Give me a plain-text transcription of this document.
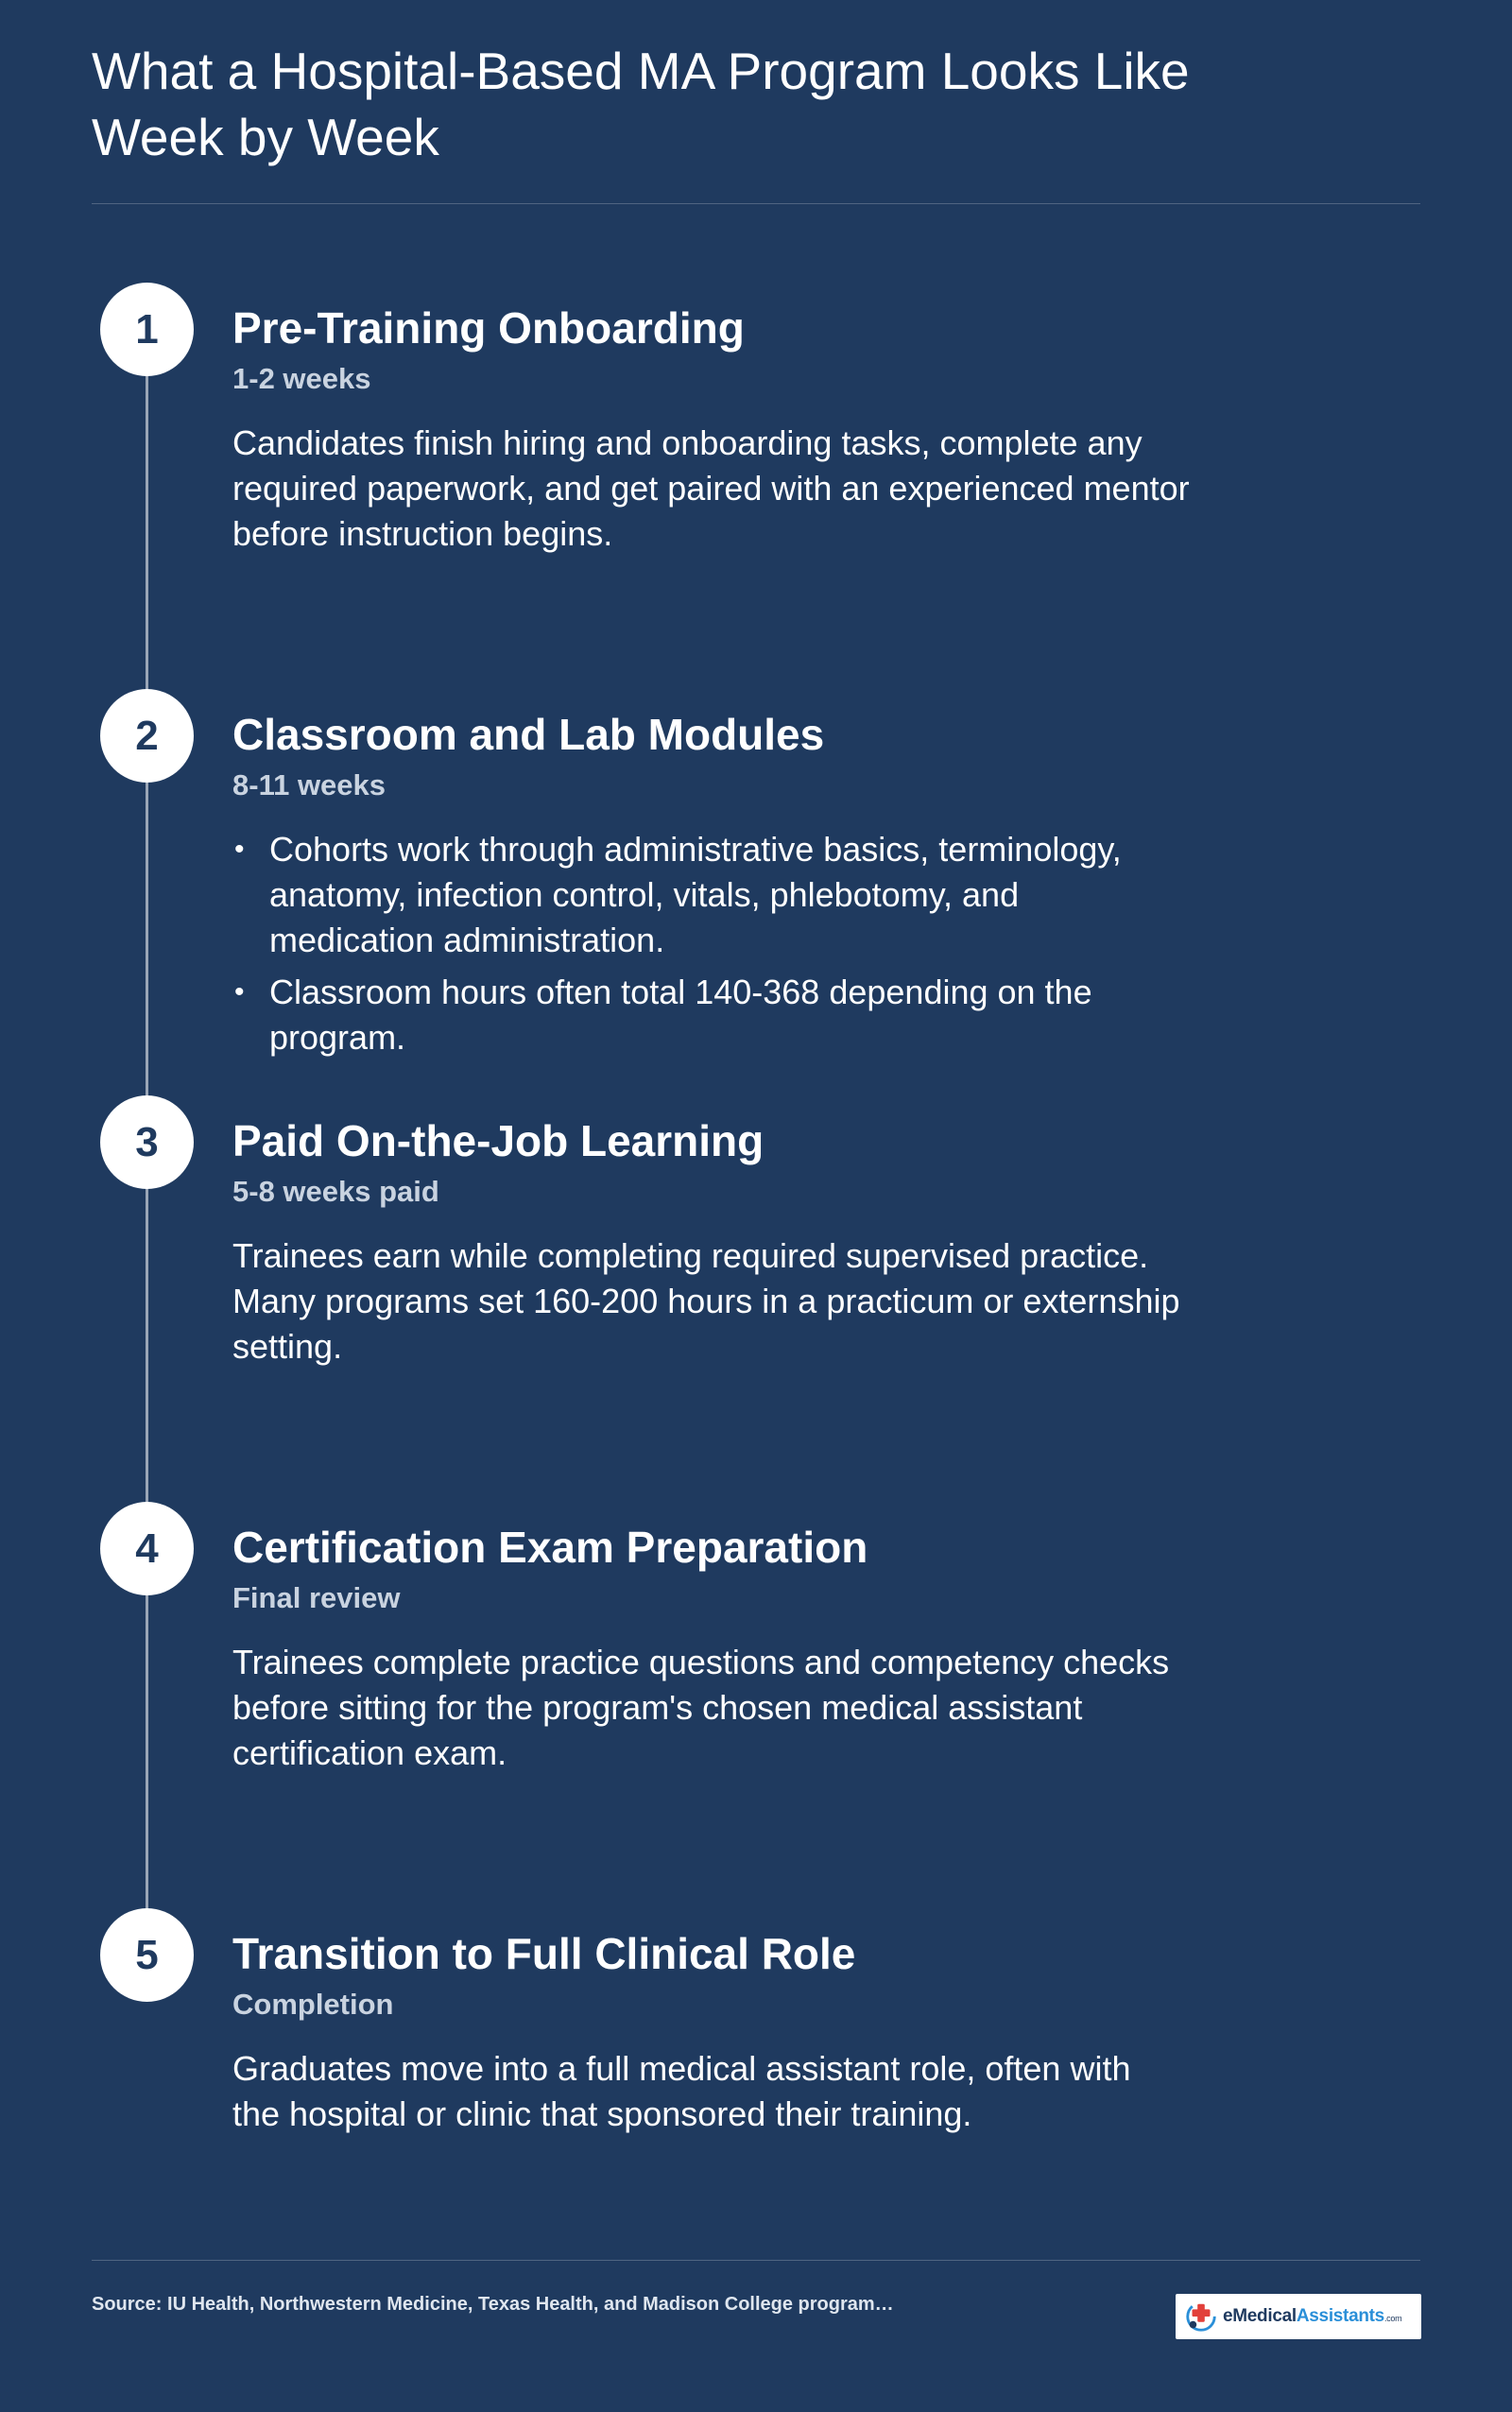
What a Hospital-Based MA Program Looks Like Week by Week
1	Pre-Training Onboarding
1-2 weeks
Candidates finish hiring and onboarding tasks, complete any required paperwork, and get paired with an experienced mentor before instruction begins.
2	Classroom and Lab Modules
8-11 weeks
• Cohorts work through administrative basics, terminology, anatomy, infection control, vitals, phlebotomy, and medication administration.
• Classroom hours often total 140-368 depending on the program.
3	Paid On-the-Job Learning
5-8 weeks paid
Trainees earn while completing required supervised practice. Many programs set 160-200 hours in a practicum or externship setting.
4	Certification Exam Preparation
Final review
Trainees complete practice questions and competency checks before sitting for the program's chosen medical assistant certification exam.
5	Transition to Full Clinical Role
Completion
Graduates move into a full medical assistant role, often with the hospital or clinic that sponsored their training.
Source: IU Health, Northwestern Medicine, Texas Health, and Madison College program…
eMedicalAssistants.com
